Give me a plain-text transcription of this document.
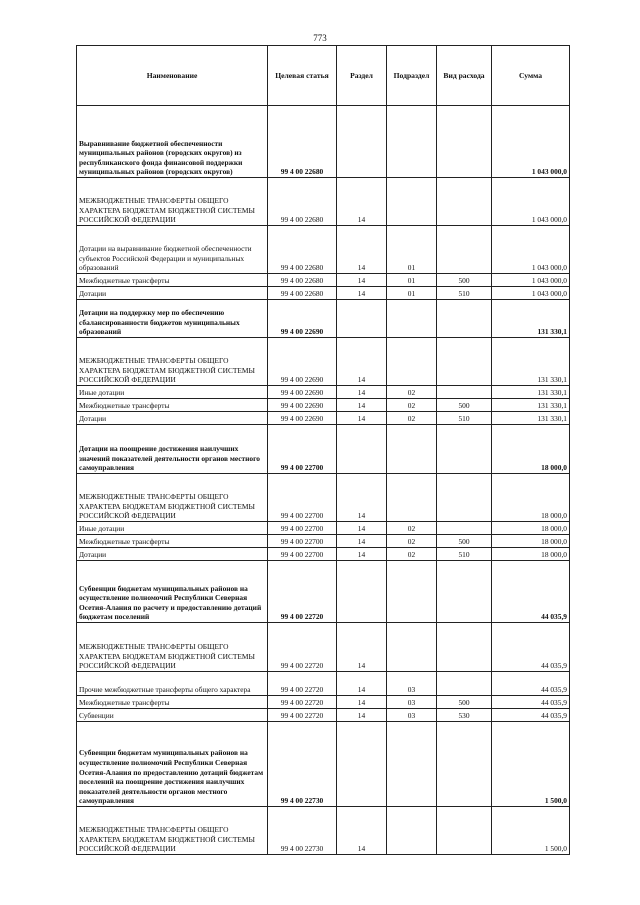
773
Наименование	Целевая статья	Раздел	Подраздел	Вид расхода	Сумма
Выравнивание бюджетной обеспеченности муниципальных районов (городских округов) из республиканского фонда финансовой поддержки муниципальных районов (городских округов)	99 4 00 22680				1 043 000,0
МЕЖБЮДЖЕТНЫЕ ТРАНСФЕРТЫ ОБЩЕГО ХАРАКТЕРА БЮДЖЕТАМ БЮДЖЕТНОЙ СИСТЕМЫ РОССИЙСКОЙ ФЕДЕРАЦИИ	99 4 00 22680	14			1 043 000,0
Дотации на выравнивание бюджетной обеспеченности субъектов Российской Федерации и муниципальных образований	99 4 00 22680	14	01		1 043 000,0
Межбюджетные трансферты	99 4 00 22680	14	01	500	1 043 000,0
Дотации	99 4 00 22680	14	01	510	1 043 000,0
Дотации на поддержку мер по обеспечению сбалансированности бюджетов муниципальных образований	99 4 00 22690				131 330,1
МЕЖБЮДЖЕТНЫЕ ТРАНСФЕРТЫ ОБЩЕГО ХАРАКТЕРА БЮДЖЕТАМ БЮДЖЕТНОЙ СИСТЕМЫ РОССИЙСКОЙ ФЕДЕРАЦИИ	99 4 00 22690	14			131 330,1
Иные дотации	99 4 00 22690	14	02		131 330,1
Межбюджетные трансферты	99 4 00 22690	14	02	500	131 330,1
Дотации	99 4 00 22690	14	02	510	131 330,1
Дотации на поощрение достижения наилучших значений показателей деятельности органов местного самоуправления	99 4 00 22700				18 000,0
МЕЖБЮДЖЕТНЫЕ ТРАНСФЕРТЫ ОБЩЕГО ХАРАКТЕРА БЮДЖЕТАМ БЮДЖЕТНОЙ СИСТЕМЫ РОССИЙСКОЙ ФЕДЕРАЦИИ	99 4 00 22700	14			18 000,0
Иные дотации	99 4 00 22700	14	02		18 000,0
Межбюджетные трансферты	99 4 00 22700	14	02	500	18 000,0
Дотации	99 4 00 22700	14	02	510	18 000,0
Субвенции бюджетам муниципальных районов на осуществление полномочий Республики Северная Осетия-Алания по расчету и предоставлению дотаций бюджетам поселений	99 4 00 22720				44 035,9
МЕЖБЮДЖЕТНЫЕ ТРАНСФЕРТЫ ОБЩЕГО ХАРАКТЕРА БЮДЖЕТАМ БЮДЖЕТНОЙ СИСТЕМЫ РОССИЙСКОЙ ФЕДЕРАЦИИ	99 4 00 22720	14			44 035,9
Прочие межбюджетные трансферты общего характера	99 4 00 22720	14	03		44 035,9
Межбюджетные трансферты	99 4 00 22720	14	03	500	44 035,9
Субвенции	99 4 00 22720	14	03	530	44 035,9
Субвенции бюджетам муниципальных районов на осуществление полномочий Республики Северная Осетия-Алания по предоставлению дотаций бюджетам поселений на поощрение достижения наилучших показателей деятельности органов местного самоуправления	99 4 00 22730				1 500,0
МЕЖБЮДЖЕТНЫЕ ТРАНСФЕРТЫ ОБЩЕГО ХАРАКТЕРА БЮДЖЕТАМ БЮДЖЕТНОЙ СИСТЕМЫ РОССИЙСКОЙ ФЕДЕРАЦИИ	99 4 00 22730	14			1 500,0
